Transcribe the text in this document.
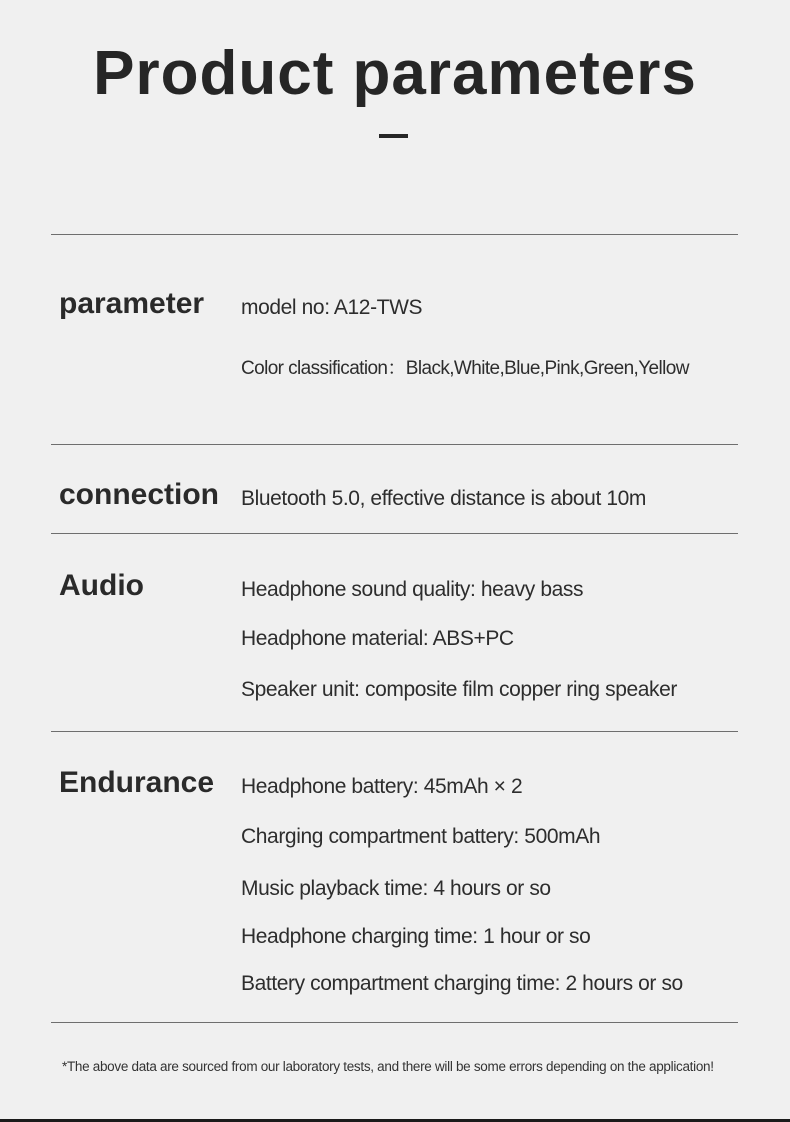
Product parameters
parameter model no: A12-TWS
Color classification：Black,White,Blue,Pink,Green,Yellow
connection Bluetooth 5.0, effective distance is about 10m
Audio	Headphone sound quality: heavy bass
Headphone material: ABS+PC
Speaker unit: composite film copper ring speaker
Endurance Headphone battery: 45mAh × 2
Charging compartment battery: 500mAh
Music playback time: 4 hours or so
Headphone charging time: 1 hour or so
Battery compartment charging time: 2 hours or so
*The above data are sourced from our laboratory tests, and there will be some errors depending on the application!
